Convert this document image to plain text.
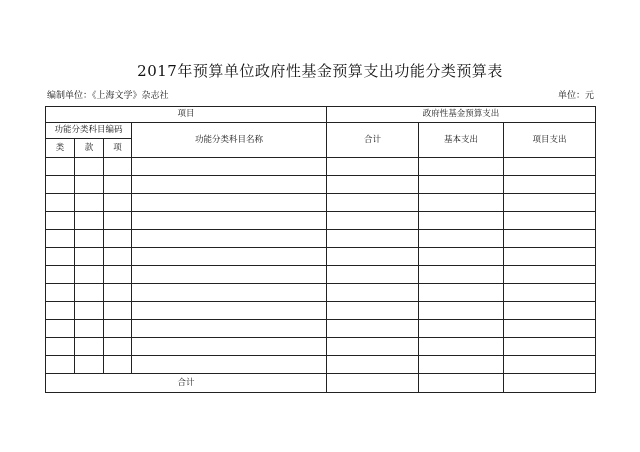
2017年预算单位政府性基金预算支出功能分类预算表
编制单位：《上海文学》杂志社	单位：元
项目				政府性基金预算支出		
功能分类科目编码			功能分类科目名称	合计	基本支出	项目支出
类	款	项				

合计						
